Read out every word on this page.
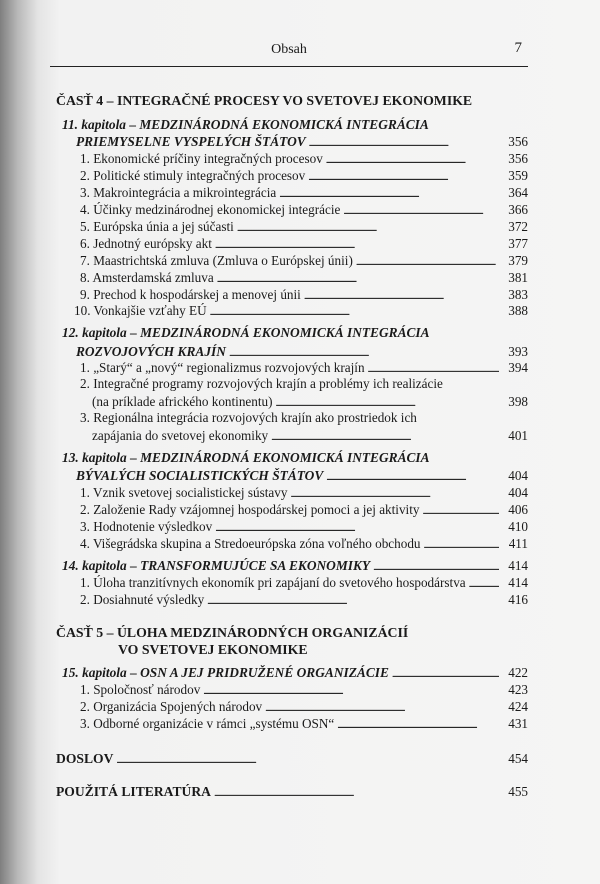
Obsah	7
ČASŤ 4 – INTEGRAČNÉ PROCESY VO SVETOVEJ EKONOMIKE
11. kapitola – MEDZINÁRODNÁ EKONOMICKÁ INTEGRÁCIA
PRIEMYSELNE VYSPELÝCH ŠTÁTOV . . .	356
1. Ekonomické príčiny integračných procesov . . .	356
2. Politické stimuly integračných procesov . . .	359
3. Makrointegrácia a mikrointegrácia . . .	364
4. Účinky medzinárodnej ekonomickej integrácie . . .	366
5. Európska únia a jej súčasti . . .	372
6. Jednotný európsky akt . . .	377
7. Maastrichtská zmluva (Zmluva o Európskej únii) . . .	379
8. Amsterdamská zmluva . . .	381
9. Prechod k hospodárskej a menovej únii . . .	383
10. Vonkajšie vzťahy EÚ . . .	388
12. kapitola – MEDZINÁRODNÁ EKONOMICKÁ INTEGRÁCIA
ROZVOJOVÝCH KRAJÍN . . .	393
1. „Starý“ a „nový“ regionalizmus rozvojových krajín . . .	394
2. Integračné programy rozvojových krajín a problémy ich realizácie
(na príklade afrického kontinentu) . . .	398
3. Regionálna integrácia rozvojových krajín ako prostriedok ich
zapájania do svetovej ekonomiky . . .	401
13. kapitola – MEDZINÁRODNÁ EKONOMICKÁ INTEGRÁCIA
BÝVALÝCH SOCIALISTICKÝCH ŠTÁTOV . . .	404
1. Vznik svetovej socialistickej sústavy . . .	404
2. Založenie Rady vzájomnej hospodárskej pomoci a jej aktivity . . .	406
3. Hodnotenie výsledkov . . .	410
4. Višegrádska skupina a Stredoeurópska zóna voľného obchodu . . .	411
14. kapitola – TRANSFORMUJÚCE SA EKONOMIKY . . .	414
1. Úloha tranzitívnych ekonomík pri zapájaní do svetového hospodárstva . . .	414
2. Dosiahnuté výsledky . . .	416
ČASŤ 5 – ÚLOHA MEDZINÁRODNÝCH ORGANIZÁCIÍ
VO SVETOVEJ EKONOMIKE
15. kapitola – OSN A JEJ PRIDRUŽENÉ ORGANIZÁCIE . . .	422
1. Spoločnosť národov . . .	423
2. Organizácia Spojených národov . . .	424
3. Odborné organizácie v rámci „systému OSN“ . . .	431
DOSLOV . . .	454
POUŽITÁ LITERATÚRA . . .	455
